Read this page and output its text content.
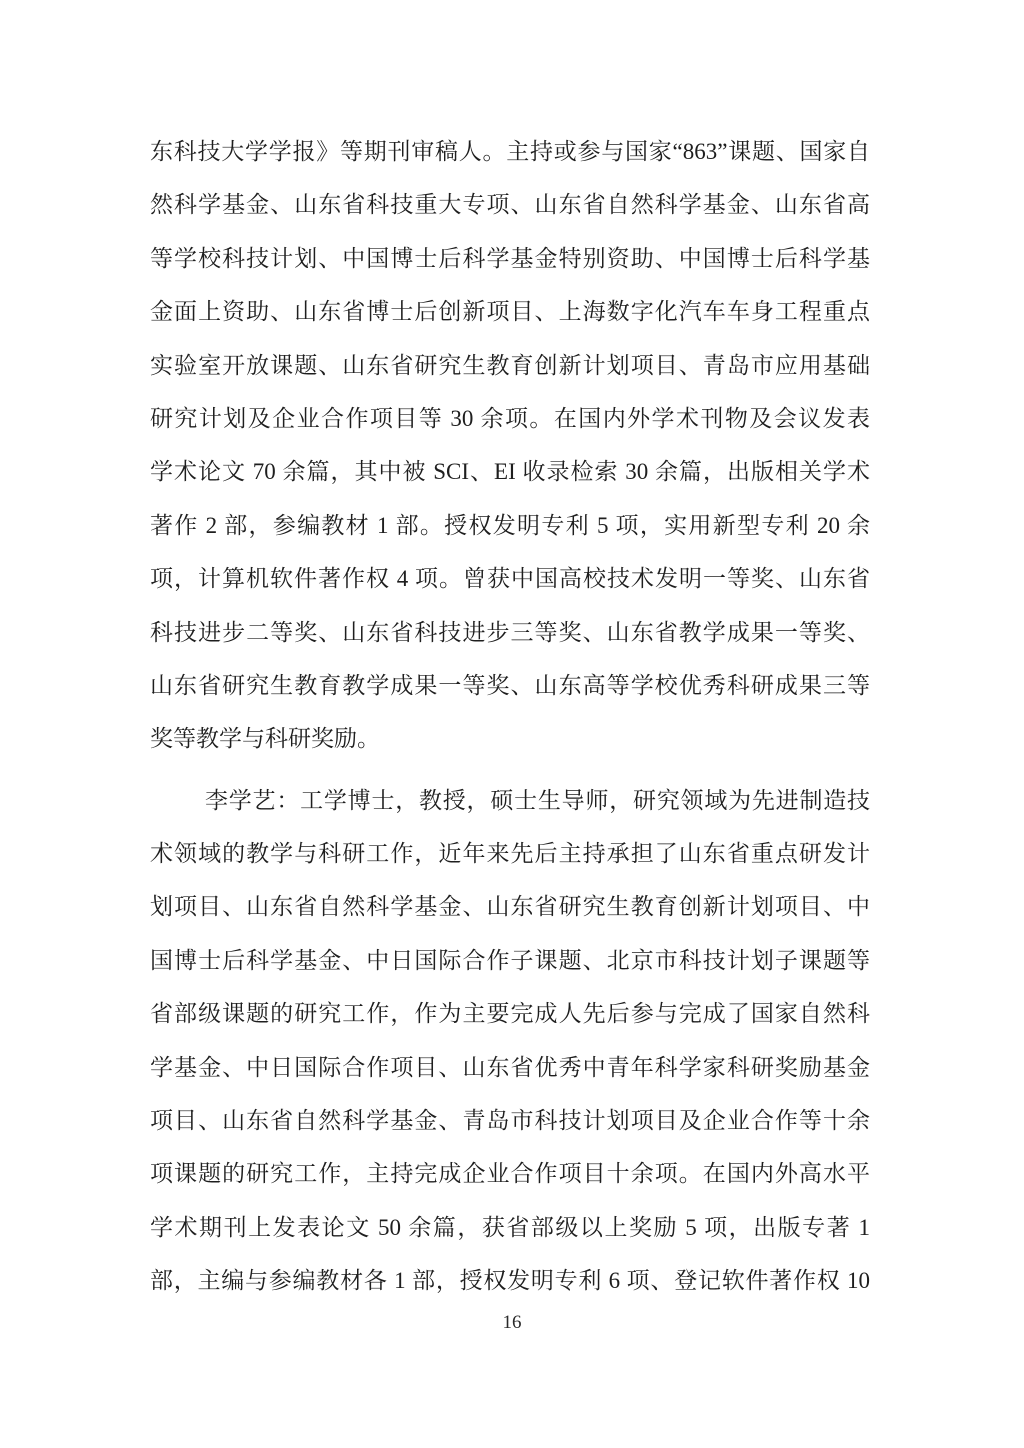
东科技大学学报》等期刊审稿人。主持或参与国家“863”课题、国家自
然科学基金、山东省科技重大专项、山东省自然科学基金、山东省高
等学校科技计划、中国博士后科学基金特别资助、中国博士后科学基
金面上资助、山东省博士后创新项目、上海数字化汽车车身工程重点
实验室开放课题、山东省研究生教育创新计划项目、青岛市应用基础
研究计划及企业合作项目等 30 余项。在国内外学术刊物及会议发表
学术论文 70 余篇，其中被 SCI、EI 收录检索 30 余篇，出版相关学术
著作 2 部，参编教材 1 部。授权发明专利 5 项，实用新型专利 20 余
项，计算机软件著作权 4 项。曾获中国高校技术发明一等奖、山东省
科技进步二等奖、山东省科技进步三等奖、山东省教学成果一等奖、
山东省研究生教育教学成果一等奖、山东高等学校优秀科研成果三等
奖等教学与科研奖励。
李学艺：工学博士，教授，硕士生导师，研究领域为先进制造技
术领域的教学与科研工作，近年来先后主持承担了山东省重点研发计
划项目、山东省自然科学基金、山东省研究生教育创新计划项目、中
国博士后科学基金、中日国际合作子课题、北京市科技计划子课题等
省部级课题的研究工作，作为主要完成人先后参与完成了国家自然科
学基金、中日国际合作项目、山东省优秀中青年科学家科研奖励基金
项目、山东省自然科学基金、青岛市科技计划项目及企业合作等十余
项课题的研究工作，主持完成企业合作项目十余项。在国内外高水平
学术期刊上发表论文 50 余篇，获省部级以上奖励 5 项，出版专著 1
部，主编与参编教材各 1 部，授权发明专利 6 项、登记软件著作权 10
16
